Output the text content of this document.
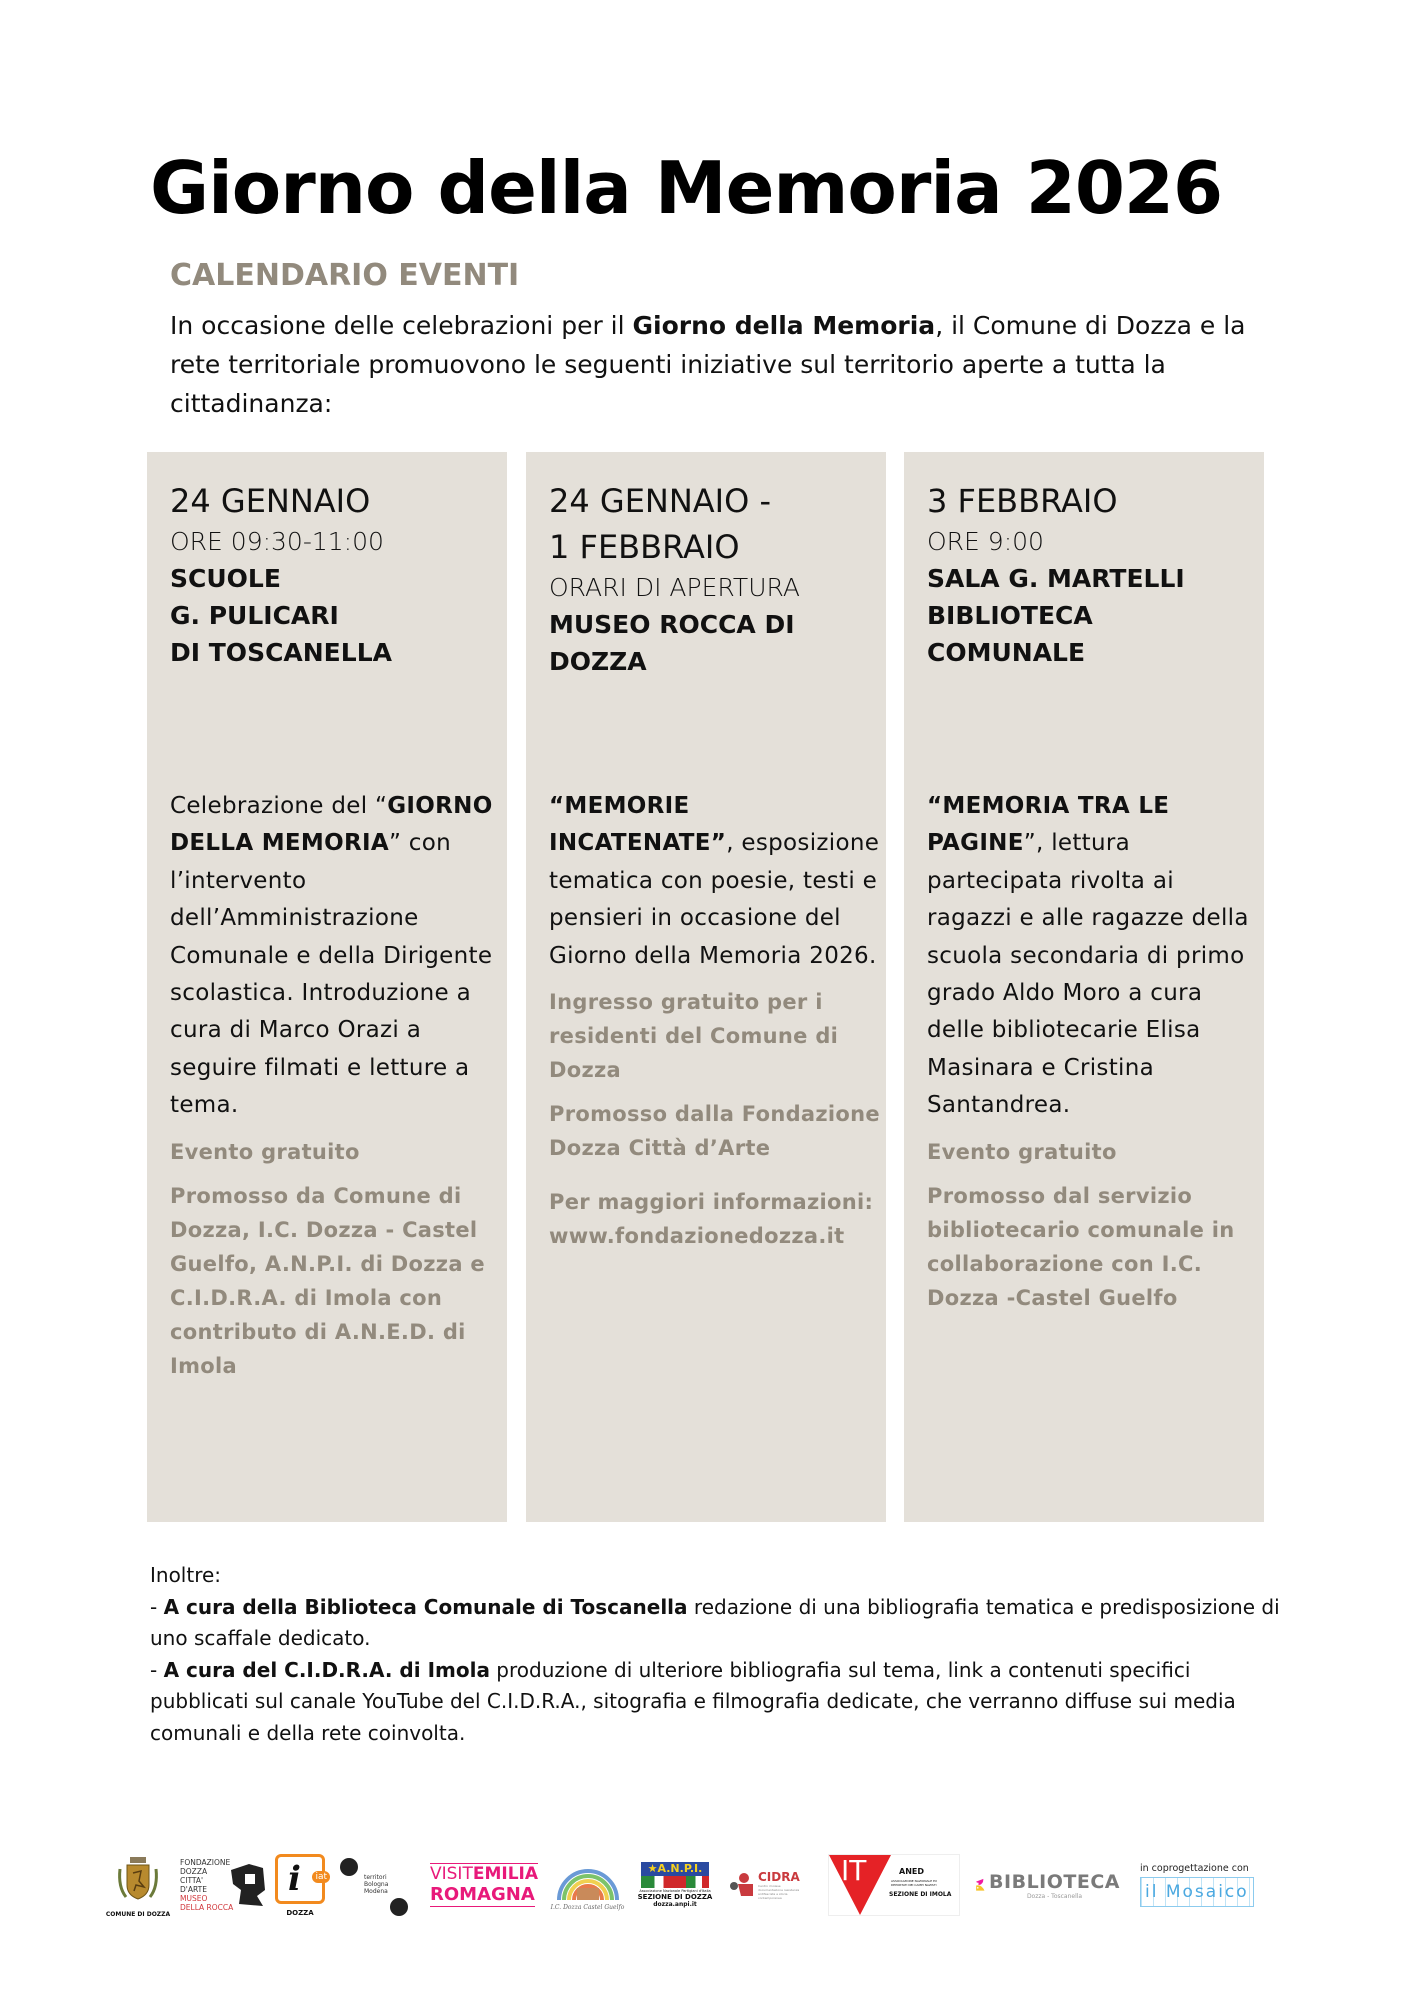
Giorno della Memoria 2026
CALENDARIO EVENTI
In occasione delle celebrazioni per il Giorno della Memoria, il Comune di Dozza e la rete territoriale promuovono le seguenti iniziative sul territorio aperte a tutta la cittadinanza:
24 GENNAIO
ORE 09:30-11:00
SCUOLE
G. PULICARI
DI TOSCANELLA
Celebrazione del “GIORNO DELLA MEMORIA” con l’intervento dell’Amministrazione Comunale e della Dirigente scolastica. Introduzione a cura di Marco Orazi a seguire filmati e letture a tema.
Evento gratuito
Promosso da Comune di Dozza, I.C. Dozza - Castel Guelfo, A.N.P.I. di Dozza e C.I.D.R.A. di Imola con contributo di A.N.E.D. di Imola
24 GENNAIO -
1 FEBBRAIO
ORARI DI APERTURA
MUSEO ROCCA DI
DOZZA
“MEMORIE INCATENATE”, esposizione tematica con poesie, testi e pensieri in occasione del Giorno della Memoria 2026.
Ingresso gratuito per i residenti del Comune di Dozza
Promosso dalla Fondazione Dozza Città d’Arte
Per maggiori informazioni: www.fondazionedozza.it
3 FEBBRAIO
ORE 9:00
SALA G. MARTELLI
BIBLIOTECA
COMUNALE
“MEMORIA TRA LE PAGINE”, lettura partecipata rivolta ai ragazzi e alle ragazze della scuola secondaria di primo grado Aldo Moro a cura delle bibliotecarie Elisa Masinara e Cristina Santandrea.
Evento gratuito
Promosso dal servizio bibliotecario comunale in collaborazione con I.C. Dozza -Castel Guelfo
Inoltre:
- A cura della Biblioteca Comunale di Toscanella redazione di una bibliografia tematica e predisposizione di uno scaffale dedicato.
- A cura del C.I.D.R.A. di Imola produzione di ulteriore bibliografia sul tema, link a contenuti specifici pubblicati sul canale YouTube del C.I.D.R.A., sitografia e filmografia dedicate, che verranno diffuse sui media comunali e della rete coinvolta.
COMUNE DI DOZZA
FONDAZIONE
DOZZA
CITTA'
D'ARTE
MUSEO
DELLA ROCCA
i	iat
DOZZA
territori
Bologna
Modena
VISITEMILIA
ROMAGNA
I.C. Dozza Castel Guelfo
★A.N.P.I.
Associazione Nazionale Partigiani d'Italia
SEZIONE DI DOZZA
dozza.anpi.it
CIDRA
Centro imolese documentazione resistenza antifascista e storia contemporanea
IT	ANED
ASSOCIAZIONE NAZIONALE EX DEPORTATI NEI CAMPI NAZISTI
SEZIONE DI IMOLA
BIBLIOTECA
Dozza - Toscanella
in coprogettazione con
il Mosaico
